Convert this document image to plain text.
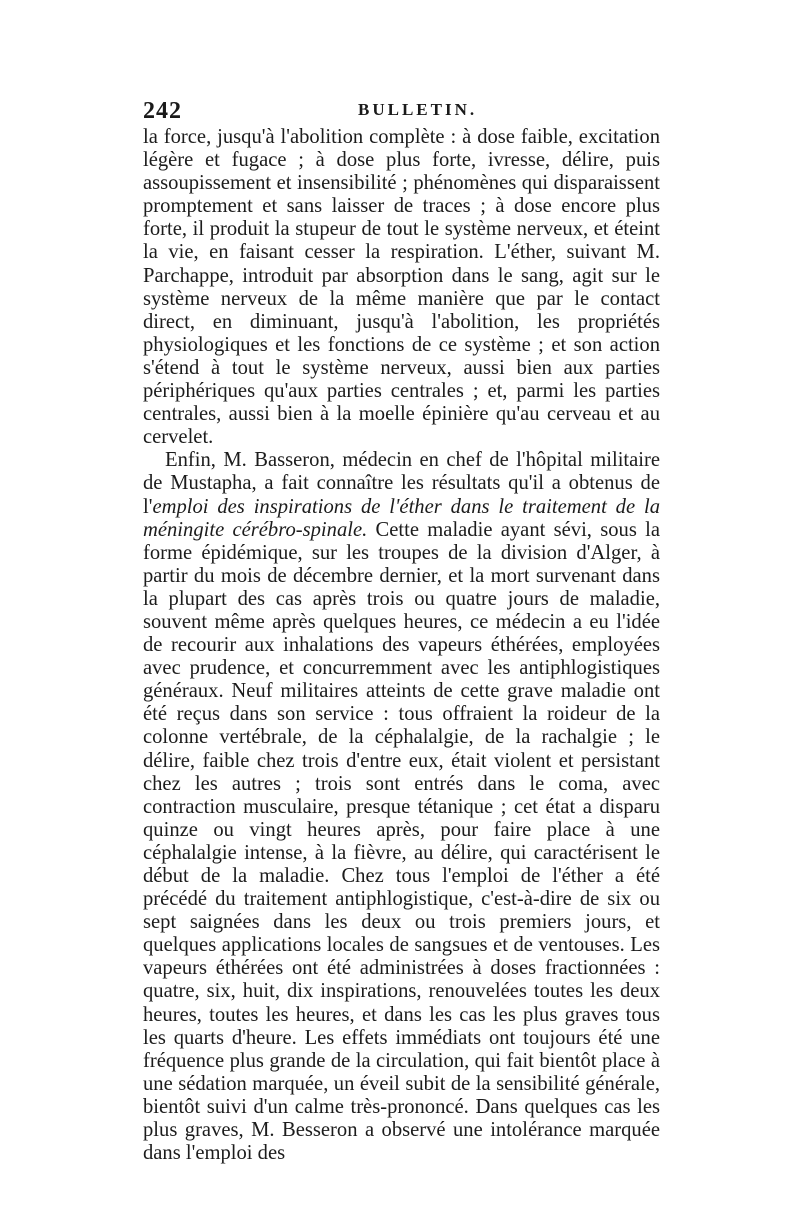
242	BULLETIN.

la force, jusqu'à l'abolition complète : à dose faible, excitation légère et fugace ; à dose plus forte, ivresse, délire, puis assoupissement et insensibilité ; phénomènes qui disparaissent promptement et sans laisser de traces ; à dose encore plus forte, il produit la stupeur de tout le système nerveux, et éteint la vie, en faisant cesser la respiration. L'éther, suivant M. Parchappe, introduit par absorption dans le sang, agit sur le système nerveux de la même manière que par le contact direct, en diminuant, jusqu'à l'abolition, les propriétés physiologiques et les fonctions de ce système ; et son action s'étend à tout le système nerveux, aussi bien aux parties périphériques qu'aux parties centrales ; et, parmi les parties centrales, aussi bien à la moelle épinière qu'au cerveau et au cervelet.

Enfin, M. Basseron, médecin en chef de l'hôpital militaire de Mustapha, a fait connaître les résultats qu'il a obtenus de l'emploi des inspirations de l'éther dans le traitement de la méningite cérébro-spinale. Cette maladie ayant sévi, sous la forme épidémique, sur les troupes de la division d'Alger, à partir du mois de décembre dernier, et la mort survenant dans la plupart des cas après trois ou quatre jours de maladie, souvent même après quelques heures, ce médecin a eu l'idée de recourir aux inhalations des vapeurs éthérées, employées avec prudence, et concurremment avec les antiphlogistiques généraux. Neuf militaires atteints de cette grave maladie ont été reçus dans son service : tous offraient la roideur de la colonne vertébrale, de la céphalalgie, de la rachalgie ; le délire, faible chez trois d'entre eux, était violent et persistant chez les autres ; trois sont entrés dans le coma, avec contraction musculaire, presque tétanique ; cet état a disparu quinze ou vingt heures après, pour faire place à une céphalalgie intense, à la fièvre, au délire, qui caractérisent le début de la maladie. Chez tous l'emploi de l'éther a été précédé du traitement antiphlogistique, c'est-à-dire de six ou sept saignées dans les deux ou trois premiers jours, et quelques applications locales de sangsues et de ventouses. Les vapeurs éthérées ont été administrées à doses fractionnées : quatre, six, huit, dix inspirations, renouvelées toutes les deux heures, toutes les heures, et dans les cas les plus graves tous les quarts d'heure. Les effets immédiats ont toujours été une fréquence plus grande de la circulation, qui fait bientôt place à une sédation marquée, un éveil subit de la sensibilité générale, bientôt suivi d'un calme très-prononcé. Dans quelques cas les plus graves, M. Besseron a observé une intolérance marquée dans l'emploi des
